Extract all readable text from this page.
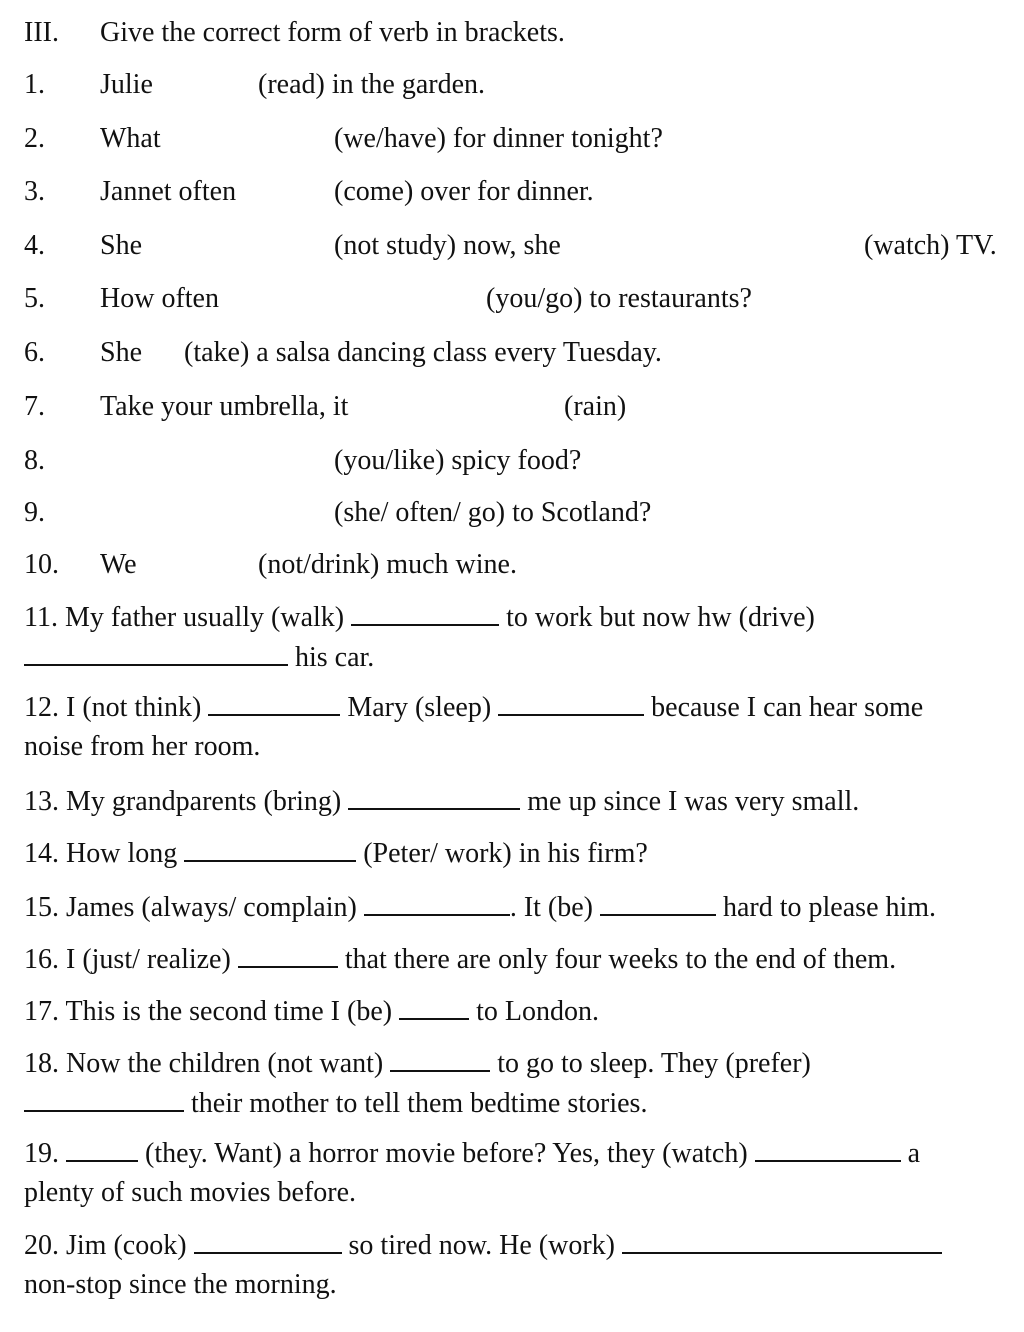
III. Give the correct form of verb in brackets.
1. Julie	(read) in the garden.
2. What	(we/have) for dinner tonight?
3. Jannet often	(come) over for dinner.
4. She	(not study) now, she	(watch) TV.
5. How often	(you/go) to restaurants?
6. She (take) a salsa dancing class every Tuesday.
7. Take your umbrella, it	(rain)
8.	(you/like) spicy food?
9.	(she/ often/ go) to Scotland?
10. We	(not/drink) much wine.
11. My father usually (walk)	to work but now hw (drive)
his car.
12. I (not think)	Mary (sleep)	because I can hear some
noise from her room.
13. My grandparents (bring)	me up since I was very small.
14. How long	(Peter/ work) in his firm?
15. James (always/ complain)	. It (be)	hard to please him.
16. I (just/ realize)	that there are only four weeks to the end of them.
17. This is the second time I (be)	to London.
18. Now the children (not want)	to go to sleep. They (prefer)
their mother to tell them bedtime stories.
19.	(they. Want) a horror movie before? Yes, they (watch)	a
plenty of such movies before.
20. Jim (cook)	so tired now. He (work)
non-stop since the morning.
